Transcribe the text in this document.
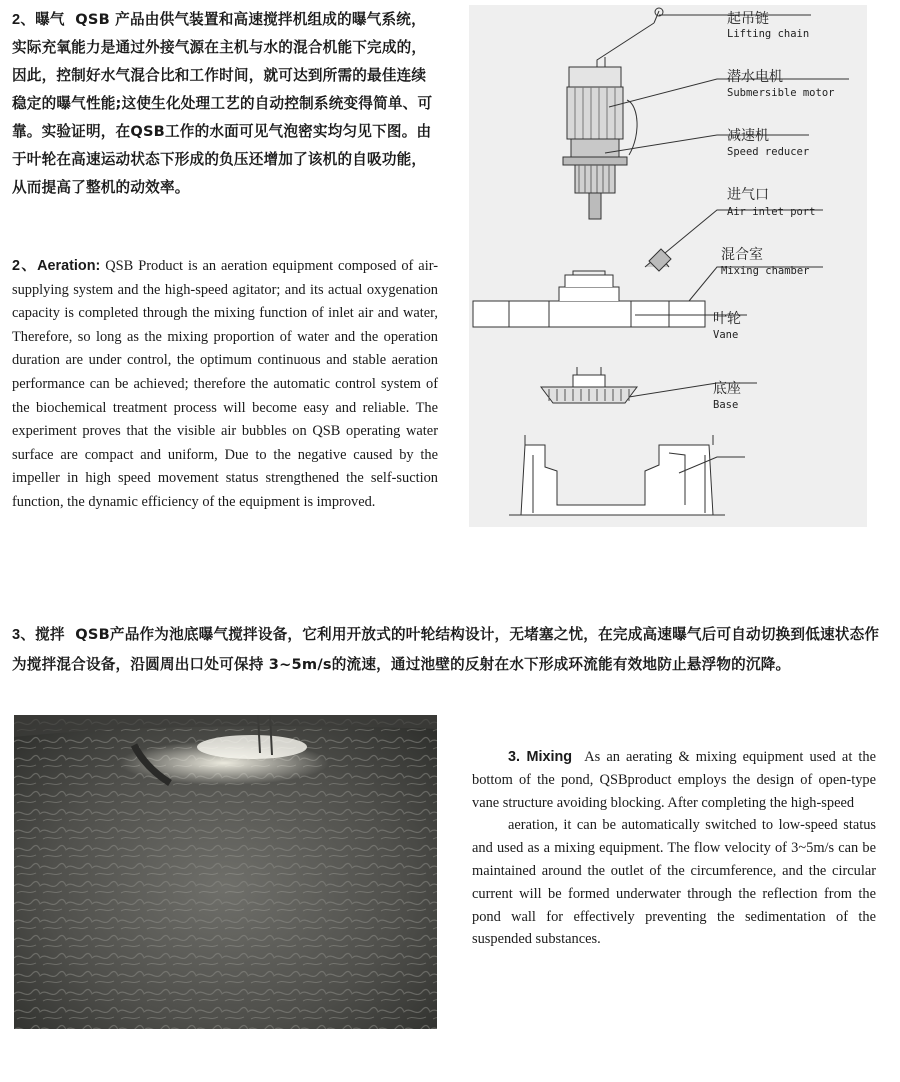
2、曝气 QSB 产品由供气装置和高速搅拌机组成的曝气系统，实际充氧能力是通过外接气源在主机与水的混合机能下完成的，因此，控制好水气混合比和工作时间，就可达到所需的最佳连续稳定的曝气性能;这使生化处理工艺的自动控制系统变得简单、可靠。实验证明，在QSB工作的水面可见气泡密实均匀见下图。由于叶轮在高速运动状态下形成的负压还增加了该机的自吸功能，从而提高了整机的动效率。

2、Aeration: QSB Product is an aeration equipment composed of air-supplying system and the high-speed agitator; and its actual oxygenation capacity is completed through the mixing function of inlet air and water, Therefore, so long as the mixing proportion of water and the operation duration are under control, the optimum continuous and stable aeration performance can be achieved; therefore the automatic control system of the biochemical treatment process will become easy and reliable. The experiment proves that the visible air bubbles on QSB operating water surface are compact and uniform, Due to the negative caused by the impeller in high speed movement status strengthened the self-suction function, the dynamic efficiency of the equipment is improved.

起吊链
Lifting chain
潜水电机
Submersible motor
减速机
Speed reducer
进气口
Air inlet port
混合室
Mixing chamber
叶轮
Vane
底座
Base

3、搅拌 QSB产品作为池底曝气搅拌设备，它利用开放式的叶轮结构设计，无堵塞之忧，在完成高速曝气后可自动切换到低速状态作为搅拌混合设备，沿圆周出口处可保持 3~5m/s的流速，通过池壁的反射在水下形成环流能有效地防止悬浮物的沉降。

3. Mixing As an aerating & mixing equipment used at the bottom of the pond, QSBproduct employs the design of open-type vane structure avoiding blocking. After completing the high-speed

aeration, it can be automatically switched to low-speed status and used as a mixing equipment. The flow velocity of 3~5m/s can be maintained around the outlet of the circumference, and the circular current will be formed underwater through the reflection from the pond wall for effectively preventing the sedimentation of the suspended substances.
